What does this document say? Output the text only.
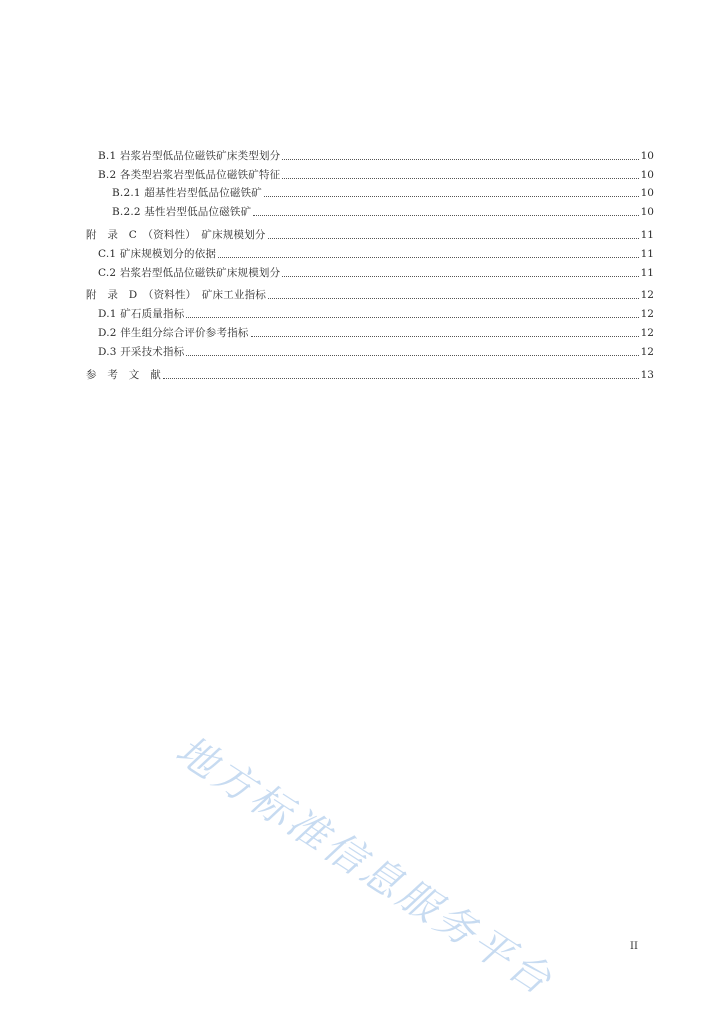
B.1 岩浆岩型低品位磁铁矿床类型划分	10
B.2 各类型岩浆岩型低品位磁铁矿特征	10
B.2.1 超基性岩型低品位磁铁矿	10
B.2.2 基性岩型低品位磁铁矿	10
附　录　C　（资料性）　矿床规模划分	11
C.1 矿床规模划分的依据	11
C.2 岩浆岩型低品位磁铁矿床规模划分	11
附　录　D　（资料性）　矿床工业指标	12
D.1 矿石质量指标	12
D.2 伴生组分综合评价参考指标	12
D.3 开采技术指标	12
参　考　文　献	13
地方标准信息服务平台	II
